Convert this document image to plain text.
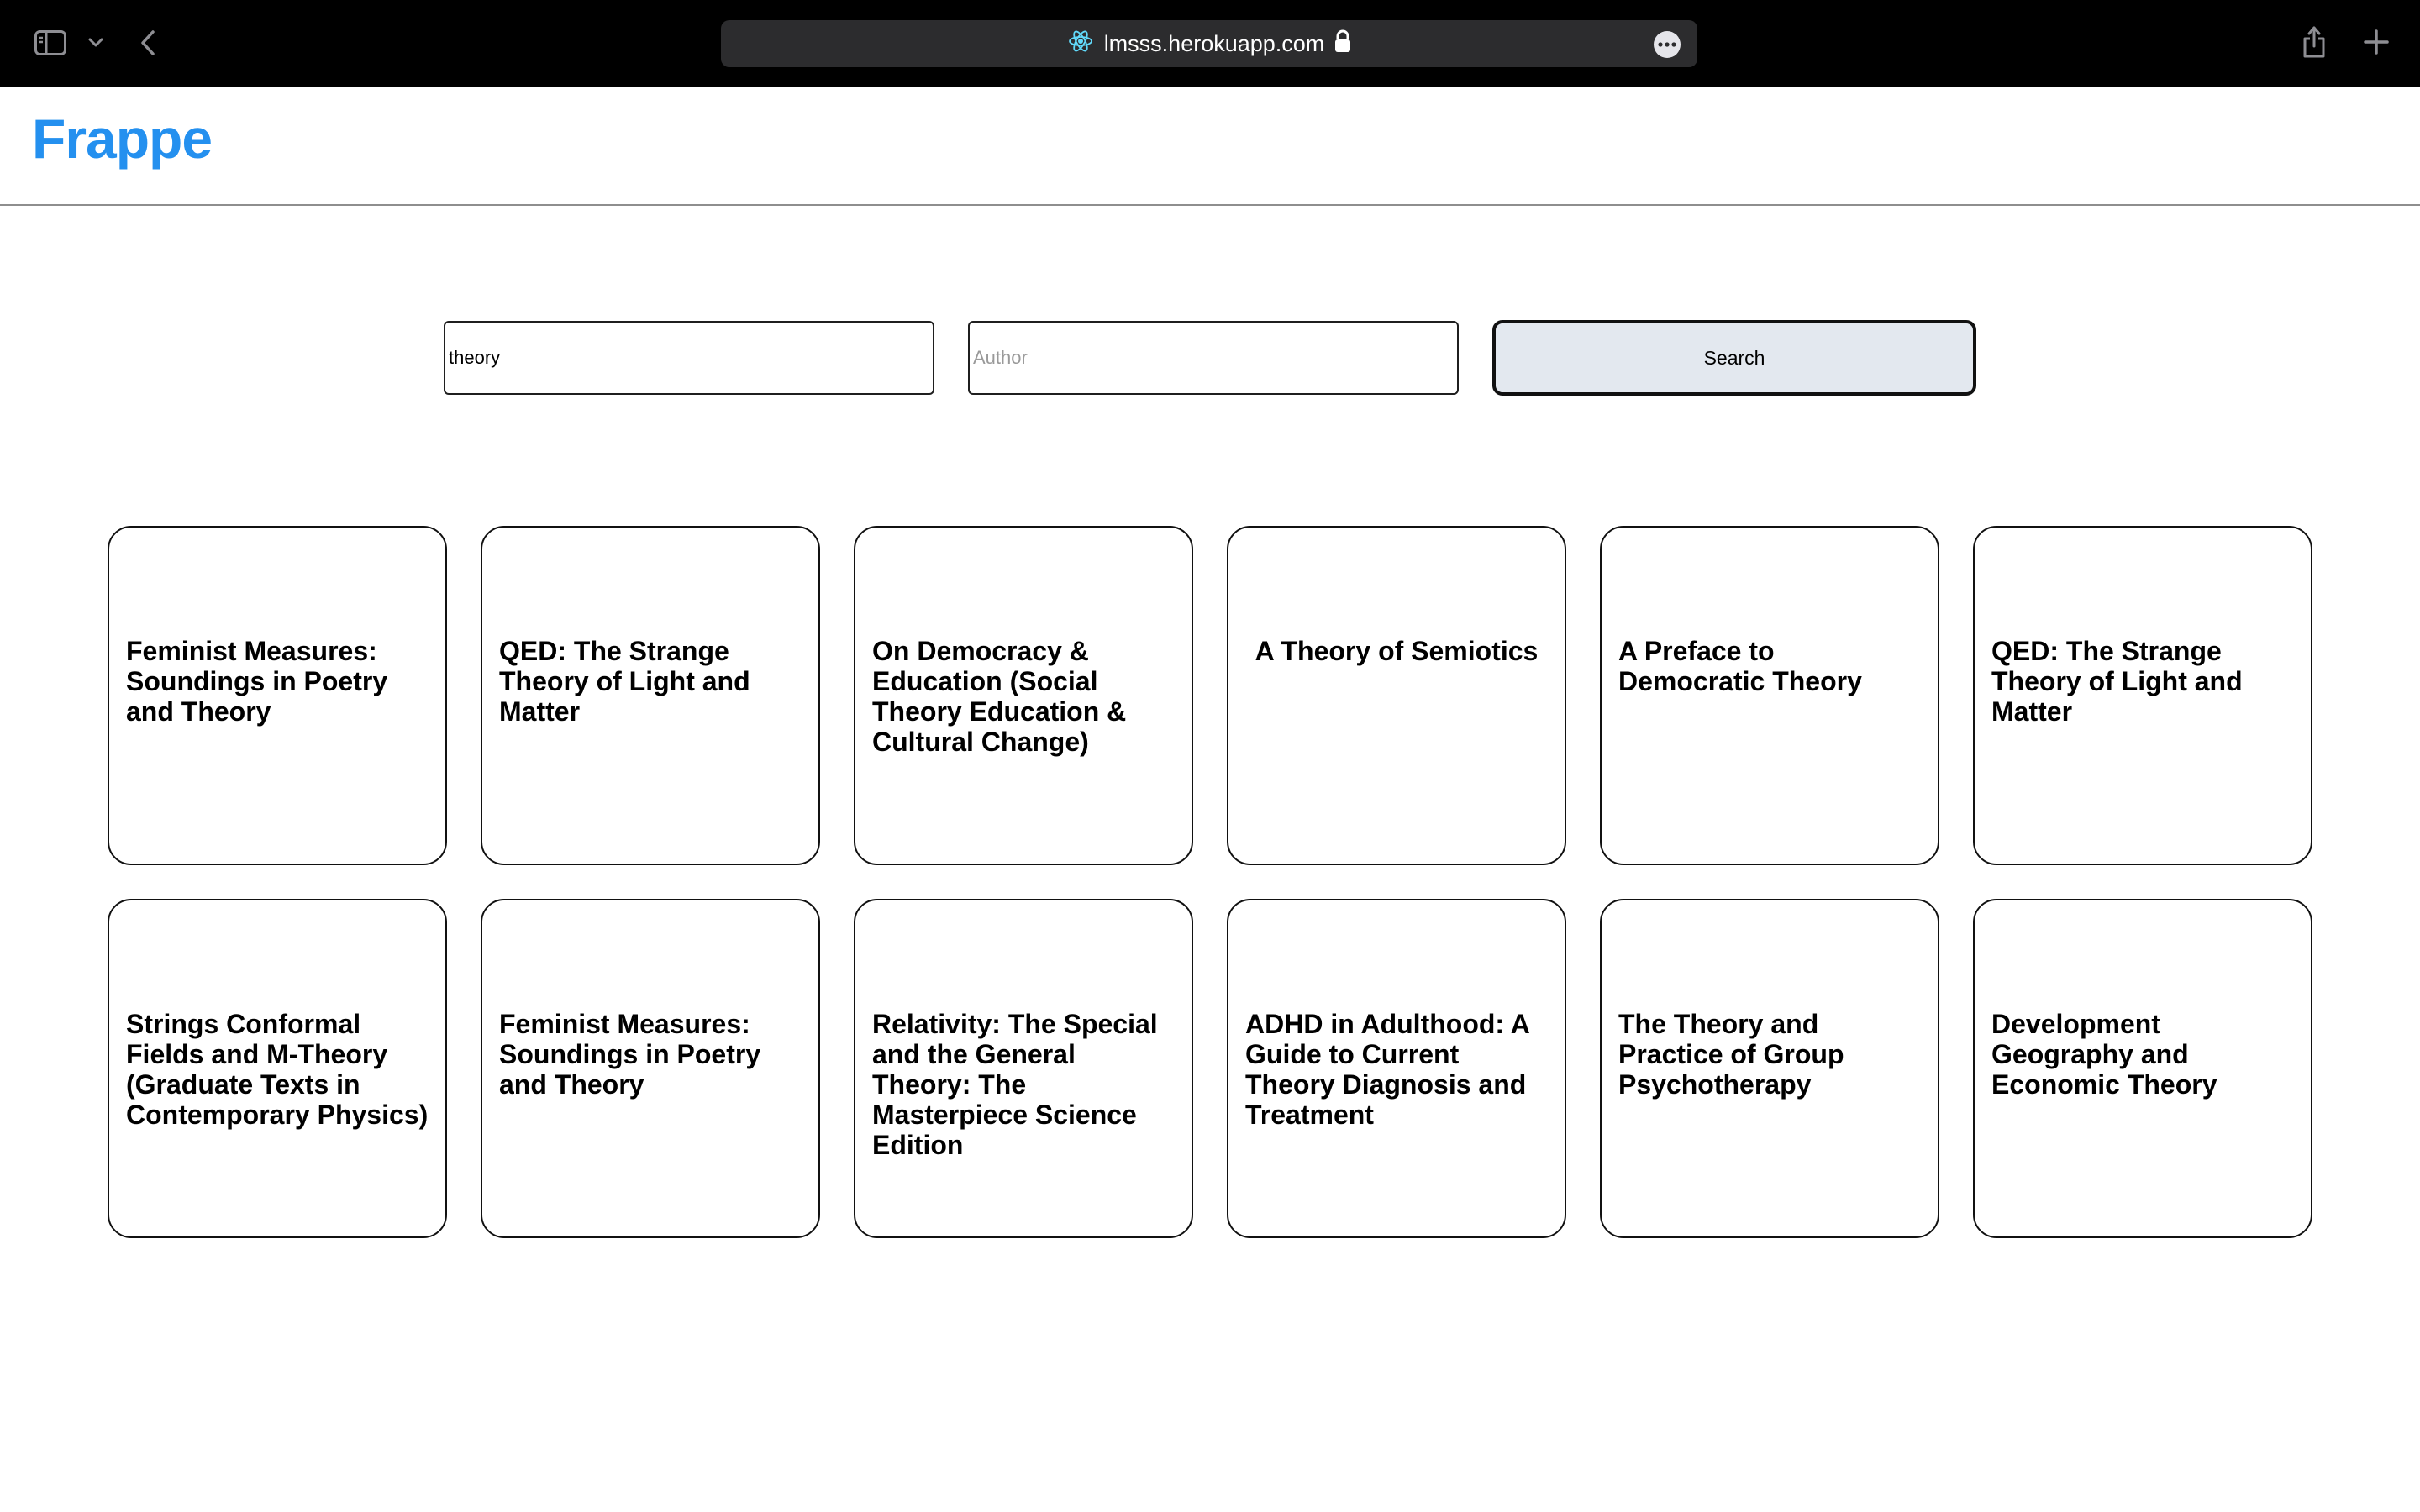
lmsss.herokuapp.com
Frappe
theory
Author
Search
Feminist Measures: Soundings in Poetry and Theory
QED: The Strange Theory of Light and Matter
On Democracy & Education (Social Theory Education & Cultural Change)
A Theory of Semiotics	A Preface to Democratic Theory
QED: The Strange Theory of Light and Matter
Strings Conformal Fields and M-Theory (Graduate Texts in Contemporary Physics)
Feminist Measures: Soundings in Poetry and Theory
Relativity: The Special and the General Theory: The Masterpiece Science Edition
ADHD in Adulthood: A Guide to Current Theory Diagnosis and Treatment
The Theory and Practice of Group Psychotherapy
Development Geography and Economic Theory
